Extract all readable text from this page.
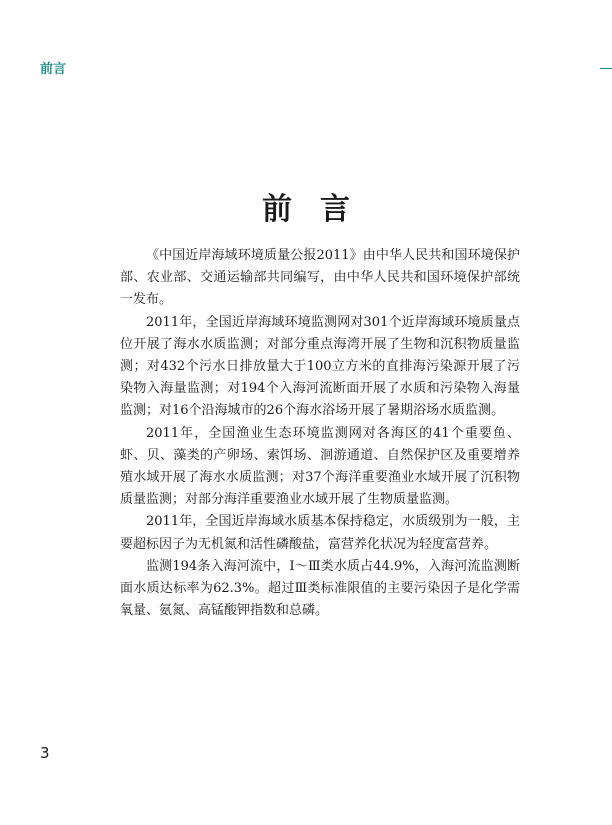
前言
前言

《中国近岸海域环境质量公报2011》由中华人民共和国环境保护部、农业部、交通运输部共同编写，由中华人民共和国环境保护部统一发布。

2011年，全国近岸海域环境监测网对301个近岸海域环境质量点位开展了海水水质监测；对部分重点海湾开展了生物和沉积物质量监测；对432个污水日排放量大于100立方米的直排海污染源开展了污染物入海量监测；对194个入海河流断面开展了水质和污染物入海量监测；对16个沿海城市的26个海水浴场开展了暑期浴场水质监测。

2011年，全国渔业生态环境监测网对各海区的41个重要鱼、虾、贝、藻类的产卵场、索饵场、洄游通道、自然保护区及重要增养殖水域开展了海水水质监测；对37个海洋重要渔业水域开展了沉积物质量监测；对部分海洋重要渔业水域开展了生物质量监测。

2011年，全国近岸海域水质基本保持稳定，水质级别为一般，主要超标因子为无机氮和活性磷酸盐，富营养化状况为轻度富营养。

监测194条入海河流中，Ⅰ～Ⅲ类水质占44.9%，入海河流监测断面水质达标率为62.3%。超过Ⅲ类标准限值的主要污染因子是化学需氧量、氨氮、高锰酸钾指数和总磷。

3
